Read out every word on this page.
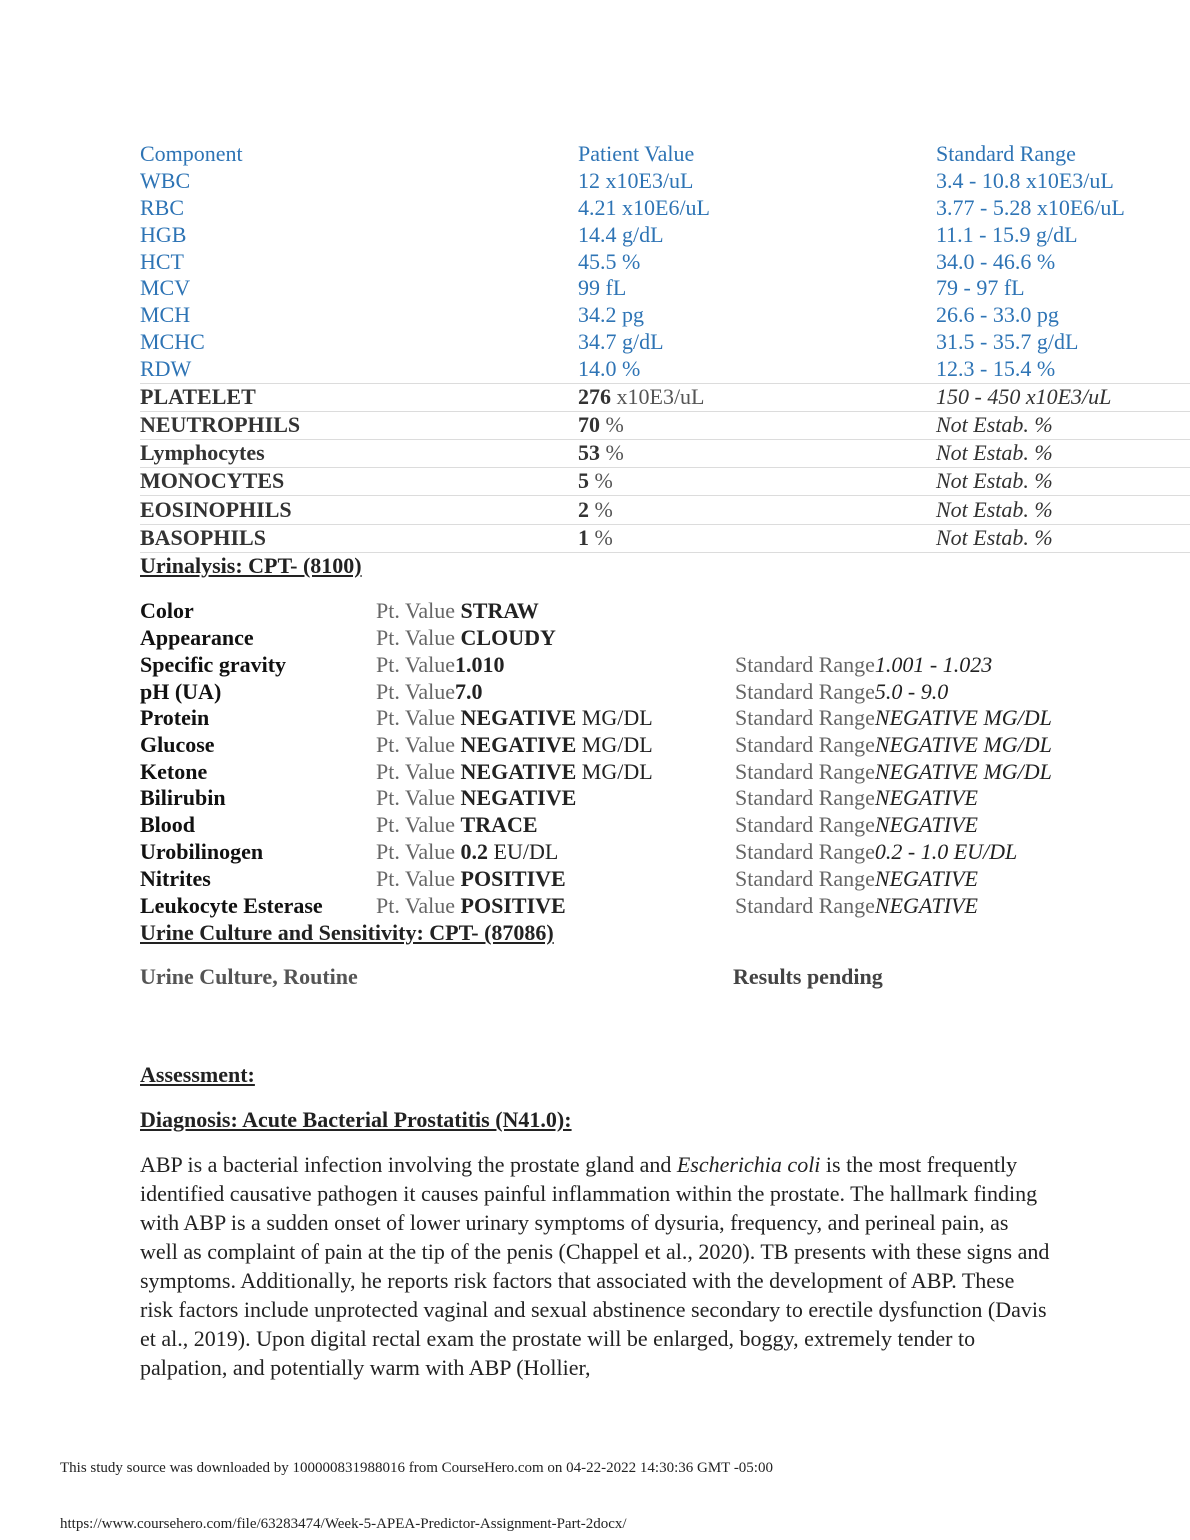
Component	Patient Value	Standard Range
WBC	12 x10E3/uL	3.4 - 10.8 x10E3/uL
RBC	4.21 x10E6/uL	3.77 - 5.28 x10E6/uL
HGB	14.4 g/dL	11.1 - 15.9 g/dL
HCT	45.5 %	34.0 - 46.6 %
MCV	99 fL	79 - 97 fL
MCH	34.2 pg	26.6 - 33.0 pg
MCHC	34.7 g/dL	31.5 - 35.7 g/dL
RDW	14.0 %	12.3 - 15.4 %
PLATELET	276 x10E3/uL	150 - 450 x10E3/uL
NEUTROPHILS	70 %	Not Estab. %
Lymphocytes	53 %	Not Estab. %
MONOCYTES	5 %	Not Estab. %
EOSINOPHILS	2 %	Not Estab. %
BASOPHILS	1 %	Not Estab. %
Urinalysis: CPT- (8100)
Color	Pt. Value STRAW
Appearance	Pt. Value CLOUDY
Specific gravity	Pt. Value1.010	Standard Range1.001 - 1.023
pH (UA)	Pt. Value7.0	Standard Range5.0 - 9.0
Protein	Pt. Value NEGATIVE MG/DL	Standard RangeNEGATIVE MG/DL
Glucose	Pt. Value NEGATIVE MG/DL	Standard RangeNEGATIVE MG/DL
Ketone	Pt. Value NEGATIVE MG/DL	Standard RangeNEGATIVE MG/DL
Bilirubin	Pt. Value NEGATIVE	Standard RangeNEGATIVE
Blood	Pt. Value TRACE	Standard RangeNEGATIVE
Urobilinogen	Pt. Value 0.2 EU/DL	Standard Range0.2 - 1.0 EU/DL
Nitrites	Pt. Value POSITIVE	Standard RangeNEGATIVE
Leukocyte Esterase Pt. Value POSITIVE	Standard RangeNEGATIVE
Urine Culture and Sensitivity: CPT- (87086)
Urine Culture, Routine	Results pending
Assessment:
Diagnosis: Acute Bacterial Prostatitis (N41.0):
ABP is a bacterial infection involving the prostate gland and Escherichia coli is the most frequently identified causative pathogen it causes painful inflammation within the prostate. The hallmark finding with ABP is a sudden onset of lower urinary symptoms of dysuria, frequency, and perineal pain, as well as complaint of pain at the tip of the penis (Chappel et al., 2020). TB presents with these signs and symptoms. Additionally, he reports risk factors that associated with the development of ABP. These risk factors include unprotected vaginal and sexual abstinence secondary to erectile dysfunction (Davis et al., 2019). Upon digital rectal exam the prostate will be enlarged, boggy, extremely tender to palpation, and potentially warm with ABP (Hollier,
This study source was downloaded by 100000831988016 from CourseHero.com on 04-22-2022 14:30:36 GMT -05:00
https://www.coursehero.com/file/63283474/Week-5-APEA-Predictor-Assignment-Part-2docx/
